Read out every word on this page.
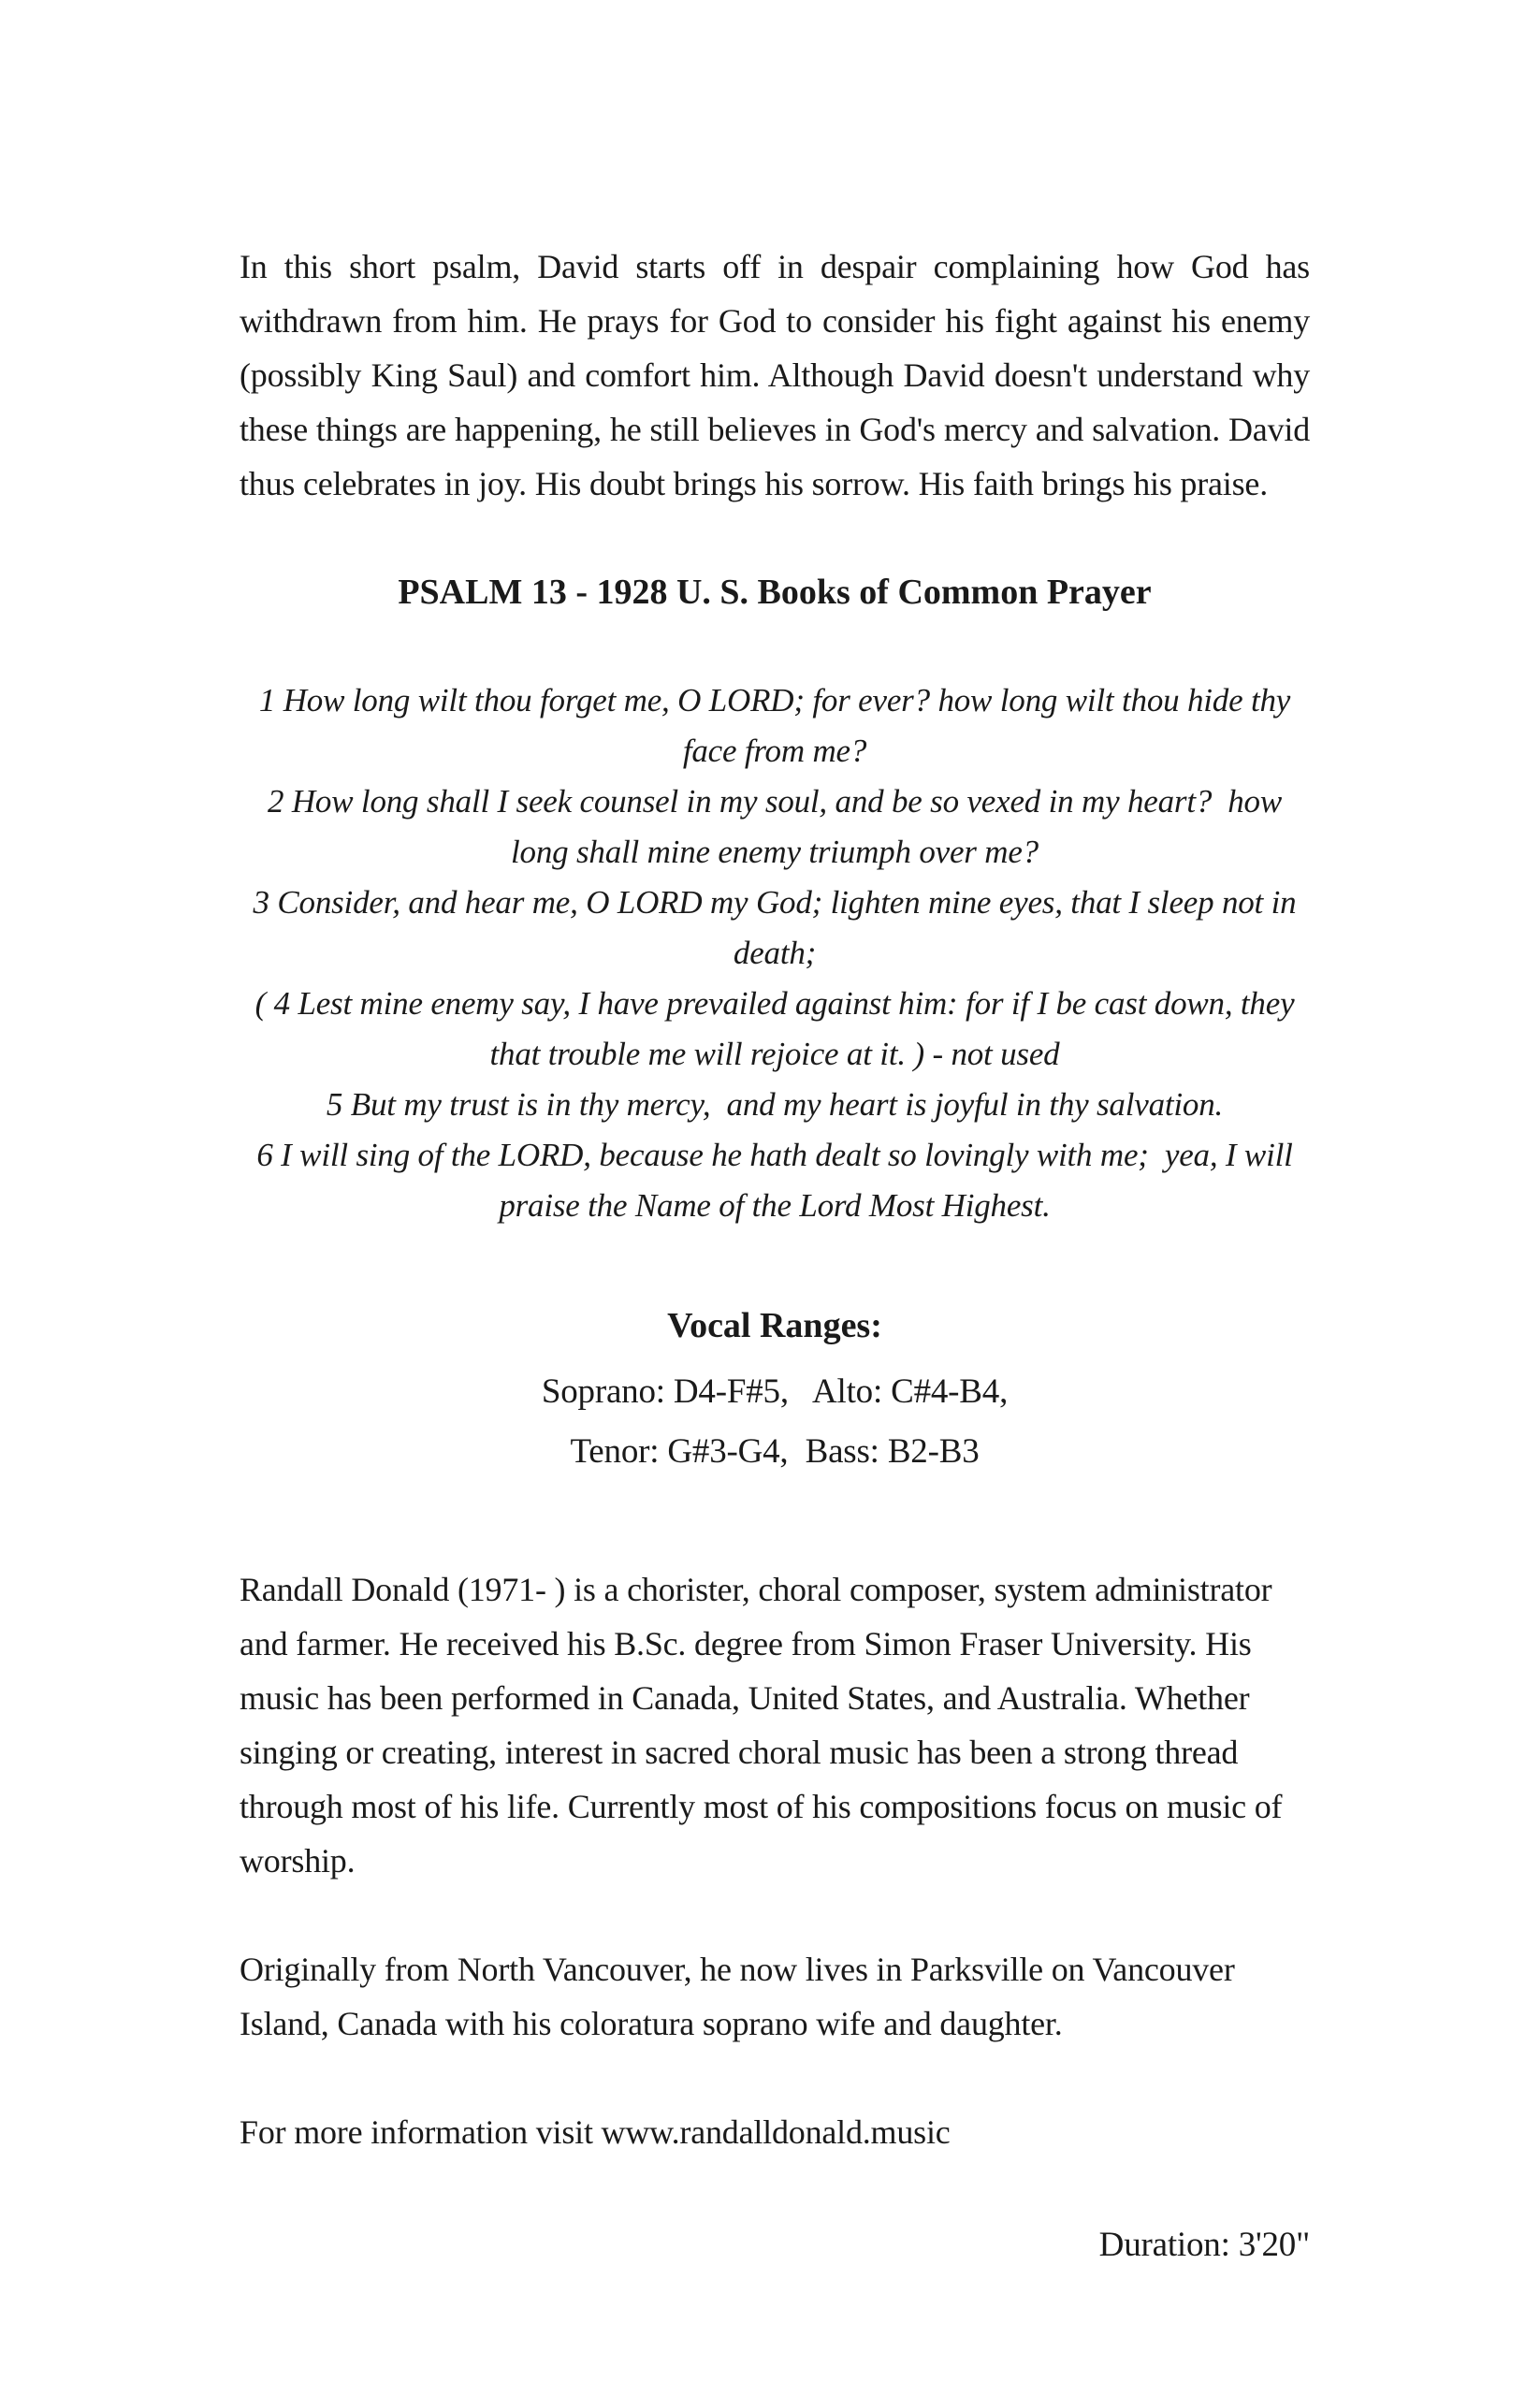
In this short psalm, David starts off in despair complaining how God has withdrawn from him. He prays for God to consider his fight against his enemy (possibly King Saul) and comfort him. Although David doesn't understand why these things are happening, he still believes in God's mercy and salvation. David thus celebrates in joy. His doubt brings his sorrow. His faith brings his praise.

PSALM 13 - 1928 U. S. Books of Common Prayer

1 How long wilt thou forget me, O LORD; for ever? how long wilt thou hide thy face from me?

2 How long shall I seek counsel in my soul, and be so vexed in my heart?  how long shall mine enemy triumph over me?

3 Consider, and hear me, O LORD my God; lighten mine eyes, that I sleep not in death;

( 4 Lest mine enemy say, I have prevailed against him: for if I be cast down, they that trouble me will rejoice at it. ) - not used

5 But my trust is in thy mercy,  and my heart is joyful in thy salvation.

6 I will sing of the LORD, because he hath dealt so lovingly with me;  yea, I will praise the Name of the Lord Most Highest.

Vocal Ranges:

Soprano: D4-F#5,   Alto: C#4-B4,

Tenor: G#3-G4,  Bass: B2-B3

Randall Donald (1971- ) is a chorister, choral composer, system administrator and farmer. He received his B.Sc. degree from Simon Fraser University. His music has been performed in Canada, United States, and Australia. Whether singing or creating, interest in sacred choral music has been a strong thread through most of his life. Currently most of his compositions focus on music of worship.

Originally from North Vancouver, he now lives in Parksville on Vancouver Island, Canada with his coloratura soprano wife and daughter.

For more information visit www.randalldonald.music

Duration: 3'20"
